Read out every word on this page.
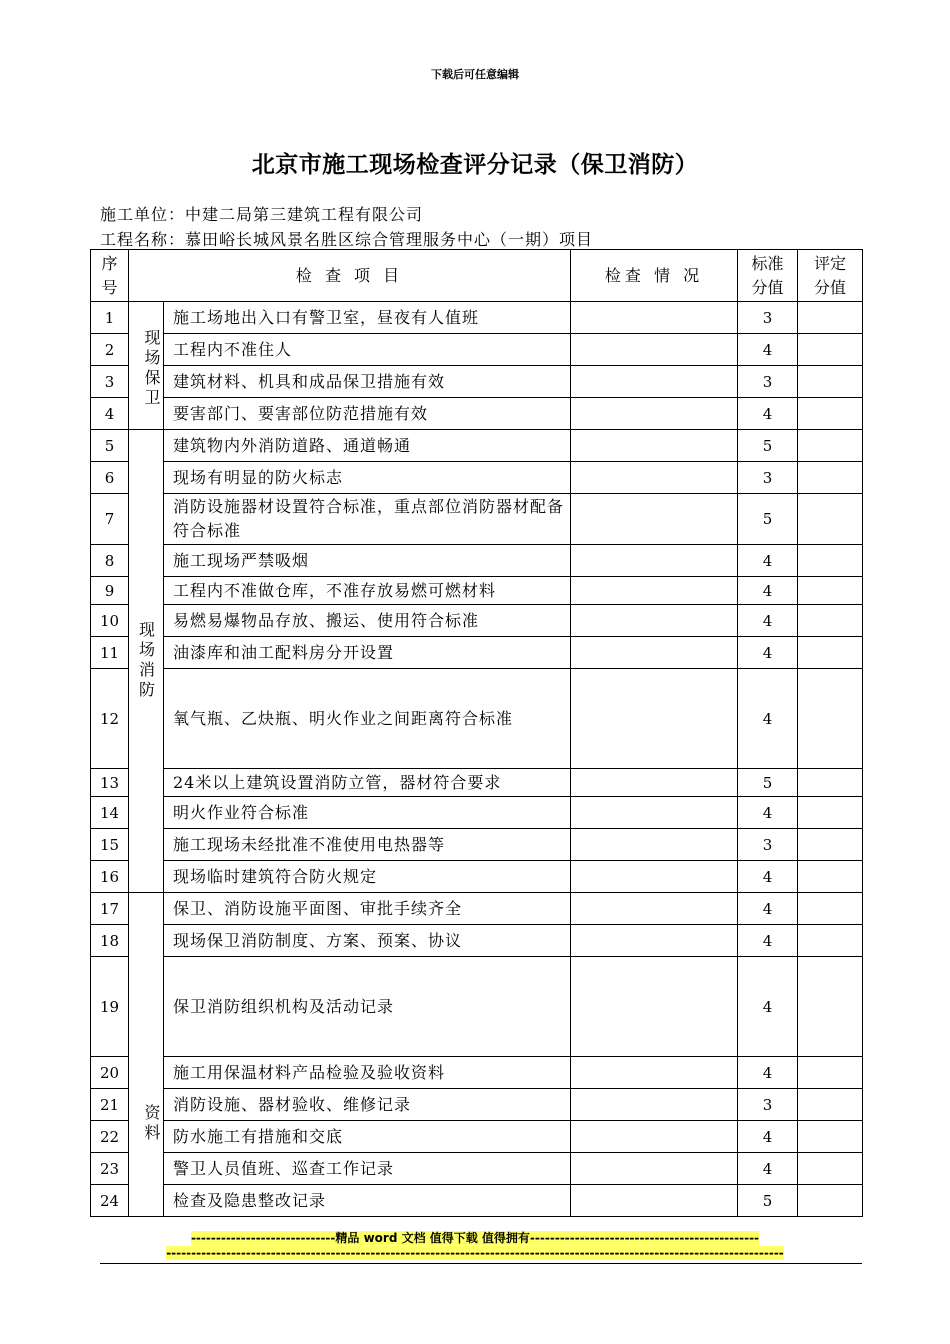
下载后可任意编辑
北京市施工现场检查评分记录（保卫消防）
施工单位：中建二局第三建筑工程有限公司
工程名称：慕田峪长城风景名胜区综合管理服务中心（一期）项目
序号	检 查 项 目		检查 情 况	标准分值	评定分值

1	现场保卫	施工场地出入口有警卫室，昼夜有人值班		3	
2		工程内不准住人		4	
3		建筑材料、机具和成品保卫措施有效		3	
4		要害部门、要害部位防范措施有效		4	
5	现场消防	建筑物内外消防道路、通道畅通		5	
6		现场有明显的防火标志		3	
7		消防设施器材设置符合标准，重点部位消防器材配备符合标准		5	
8		施工现场严禁吸烟		4	
9		工程内不准做仓库，不准存放易燃可燃材料		4	
10		易燃易爆物品存放、搬运、使用符合标准		4	
11		油漆库和油工配料房分开设置		4	
12		氧气瓶、乙炔瓶、明火作业之间距离符合标准		4	
13		24米以上建筑设置消防立管，器材符合要求		5	
14		明火作业符合标准		4	
15		施工现场未经批准不准使用电热器等		3	
16		现场临时建筑符合防火规定		4	
17	资料	保卫、消防设施平面图、审批手续齐全		4	
18		现场保卫消防制度、方案、预案、协议		4	
19		保卫消防组织机构及活动记录		4	
20		施工用保温材料产品检验及验收资料		4	
21		消防设施、器材验收、维修记录		3	
22		防水施工有措施和交底		4	
23		警卫人员值班、巡查工作记录		4	
24		检查及隐患整改记录		5	
-----------------------------精品 word 文档 值得下载 值得拥有----------------------------------------------
----------------------------------------------------------------------------------------------------------------------------
